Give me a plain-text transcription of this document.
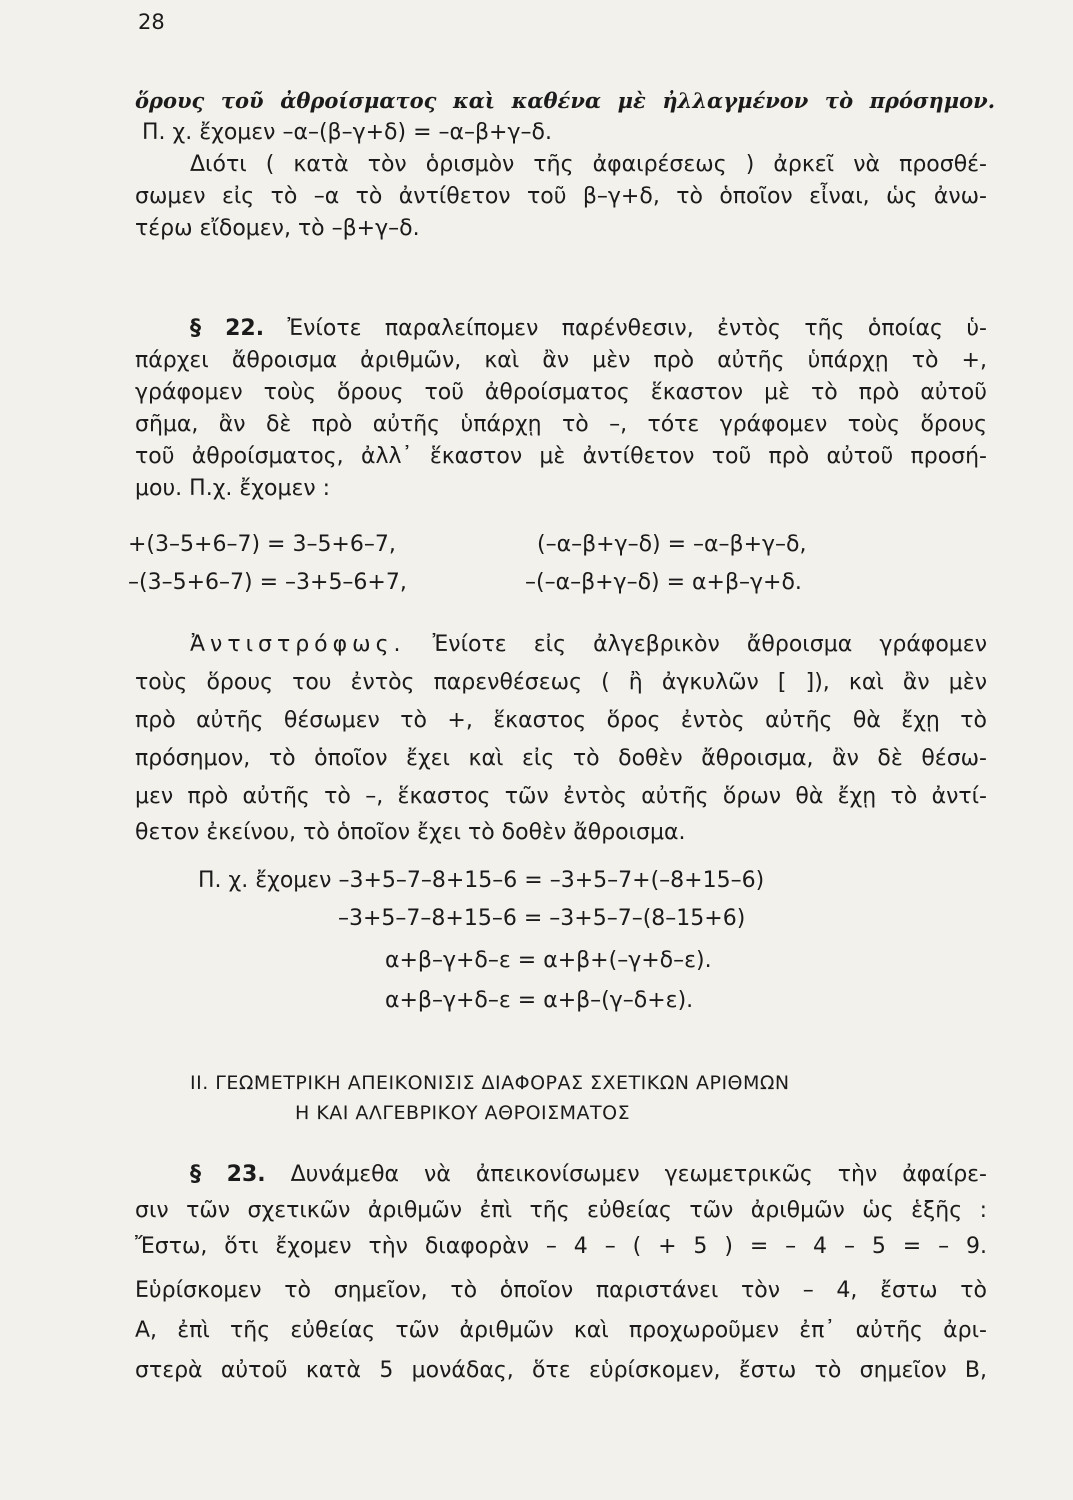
28
ὅρους τοῦ ἀθροίσματος καὶ καθένα μὲ ἠλλαγμένον τὸ πρόσημον.
Π. χ. ἔχομεν –α–(β–γ+δ) = –α–β+γ–δ.
Διότι ( κατὰ τὸν ὁρισμὸν τῆς ἀφαιρέσεως ) ἀρκεῖ νὰ προσθέ-
σωμεν εἰς τὸ –α τὸ ἀντίθετον τοῦ β–γ+δ, τὸ ὁποῖον εἶναι, ὡς ἀνω-
τέρω εἴδομεν, τὸ –β+γ–δ.
§ 22. Ἐνίοτε παραλείπομεν παρένθεσιν, ἐντὸς τῆς ὁποίας ὑ-
πάρχει ἄθροισμα ἀριθμῶν, καὶ ἂν μὲν πρὸ αὐτῆς ὑπάρχῃ τὸ +,
γράφομεν τοὺς ὅρους τοῦ ἀθροίσματος ἕκαστον μὲ τὸ πρὸ αὐτοῦ
σῆμα, ἂν δὲ πρὸ αὐτῆς ὑπάρχῃ τὸ –, τότε γράφομεν τοὺς ὅρους
τοῦ ἀθροίσματος, ἀλλ᾽ ἕκαστον μὲ ἀντίθετον τοῦ πρὸ αὐτοῦ προσή-
μου. Π.χ. ἔχομεν :
+(3–5+6–7) = 3–5+6–7,	(–α–β+γ–δ) = –α–β+γ–δ,
–(3–5+6–7) = –3+5–6+7,	–(–α–β+γ–δ) = α+β–γ+δ.
Ἀντιστρόφως. Ἐνίοτε εἰς ἀλγεβρικὸν ἄθροισμα γράφομεν
τοὺς ὅρους του ἐντὸς παρενθέσεως ( ἢ ἀγκυλῶν [ ]), καὶ ἂν μὲν
πρὸ αὐτῆς θέσωμεν τὸ +, ἕκαστος ὅρος ἐντὸς αὐτῆς θὰ ἔχῃ τὸ
πρόσημον, τὸ ὁποῖον ἔχει καὶ εἰς τὸ δοθὲν ἄθροισμα, ἂν δὲ θέσω-
μεν πρὸ αὐτῆς τὸ –, ἕκαστος τῶν ἐντὸς αὐτῆς ὅρων θὰ ἔχῃ τὸ ἀντί-
θετον ἐκείνου, τὸ ὁποῖον ἔχει τὸ δοθὲν ἄθροισμα.
Π. χ. ἔχομεν –3+5–7–8+15–6 = –3+5–7+(–8+15–6)
–3+5–7–8+15–6 = –3+5–7–(8–15+6)
α+β–γ+δ–ε = α+β+(–γ+δ–ε).
α+β–γ+δ–ε = α+β–(γ–δ+ε).
II. ΓΕΩΜΕΤΡΙΚΗ ΑΠΕΙΚΟΝΙΣΙΣ ΔΙΑΦΟΡΑΣ ΣΧΕΤΙΚΩΝ ΑΡΙΘΜΩΝ
Η ΚΑΙ ΑΛΓΕΒΡΙΚΟΥ ΑΘΡΟΙΣΜΑΤΟΣ
§ 23. Δυνάμεθα νὰ ἀπεικονίσωμεν γεωμετρικῶς τὴν ἀφαίρε-
σιν τῶν σχετικῶν ἀριθμῶν ἐπὶ τῆς εὐθείας τῶν ἀριθμῶν ὡς ἑξῆς :
Ἔστω, ὅτι ἔχομεν τὴν διαφορὰν – 4 – ( + 5 ) = – 4 – 5 = – 9.
Εὑρίσκομεν τὸ σημεῖον, τὸ ὁποῖον παριστάνει τὸν – 4, ἔστω τὸ
Α, ἐπὶ τῆς εὐθείας τῶν ἀριθμῶν καὶ προχωροῦμεν ἐπ᾽ αὐτῆς ἀρι-
στερὰ αὐτοῦ κατὰ 5 μονάδας, ὅτε εὑρίσκομεν, ἔστω τὸ σημεῖον Β,
